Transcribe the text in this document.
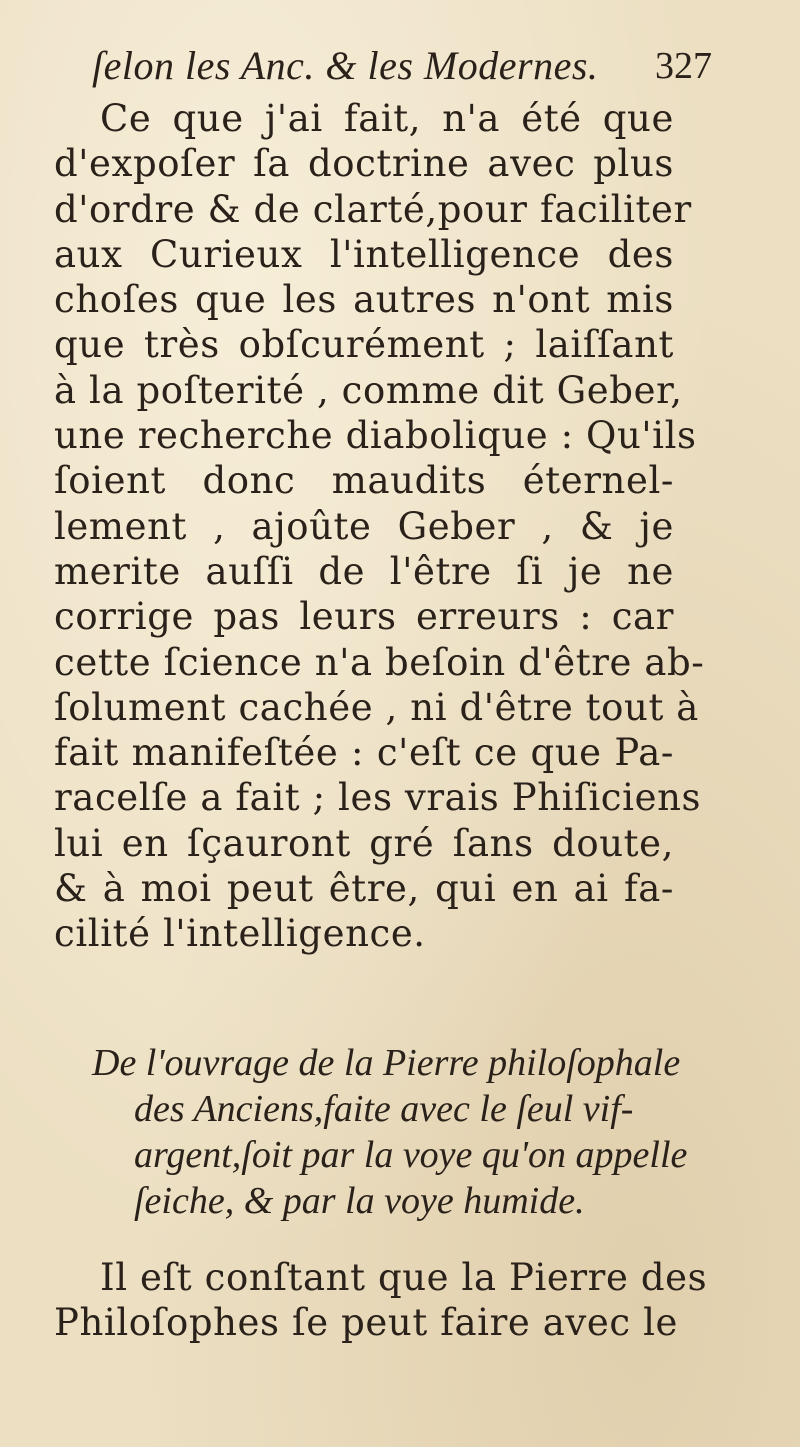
ſelon les Anc. & les Modernes. 327
Ce que j'ai fait, n'a été que
d'expoſer ſa doctrine avec plus
d'ordre & de clarté,pour faciliter
aux Curieux l'intelligence des
choſes que les autres n'ont mis
que très obſcurément ; laiſſant
à la poſterité , comme dit Geber,
une recherche diabolique : Qu'ils
ſoient donc maudits éternel-
lement , ajoûte Geber , & je
merite auſſi de l'être ſi je ne
corrige pas leurs erreurs : car
cette ſcience n'a beſoin d'être ab-
ſolument cachée , ni d'être tout à
fait manifeſtée : c'eſt ce que Pa-
racelſe a fait ; les vrais Phiſiciens
lui en ſçauront gré ſans doute,
& à moi peut être, qui en ai fa-
cilité l'intelligence.
De l'ouvrage de la Pierre philoſophale
des Anciens,faite avec le ſeul vif-
argent,ſoit par la voye qu'on appelle
ſeiche, & par la voye humide.
Il eſt conſtant que la Pierre des
Philoſophes ſe peut faire avec le
